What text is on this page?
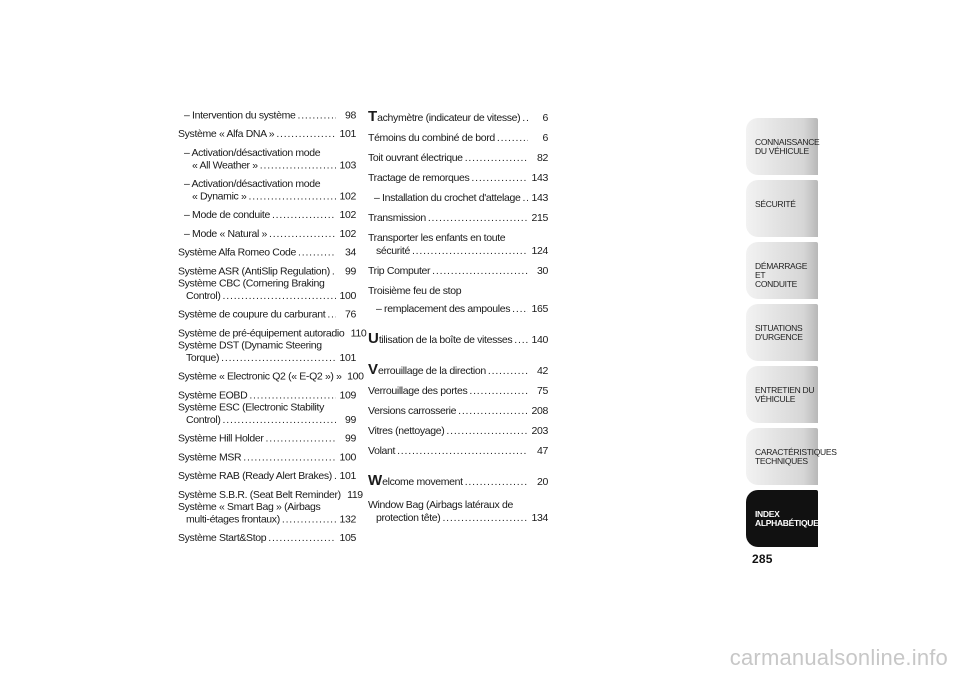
– Intervention du système .....	98
Système « Alfa DNA » .....	101
– Activation/désactivation mode
« All Weather » .....	103
– Activation/désactivation mode
« Dynamic » .....	102
– Mode de conduite .....	102
– Mode « Natural » .....	102
Système Alfa Romeo Code .....	34
Système ASR (AntiSlip Regulation) .....	99
Système CBC (Cornering Braking
Control) .....	100
Système de coupure du carburant .....	76
Système de pré-équipement autoradio 110
Système DST (Dynamic Steering
Torque) .....	101
Système « Electronic Q2 (« E-Q2 ») » 100
Système EOBD .....	109
Système ESC (Electronic Stability
Control) .....	99
Système Hill Holder .....	99
Système MSR .....	100
Système RAB (Ready Alert Brakes) ..... 101
Système S.B.R. (Seat Belt Reminder) 119
Système « Smart Bag » (Airbags
multi-étages frontaux) .....	132
Système Start&Stop .....	105
Tachymètre (indicateur de vitesse) .....	6
Témoins du combiné de bord .....	6
Toit ouvrant électrique .....	82
Tractage de remorques .....	143
– Installation du crochet d'attelage ..... 143
Transmission .....	215
Transporter les enfants en toute
sécurité .....	124
Trip Computer .....	30
Troisième feu de stop
– remplacement des ampoules ..... 165
Utilisation de la boîte de vitesses ..... 140
Verrouillage de la direction .....	42
Verrouillage des portes .....	75
Versions carrosserie .....	208
Vitres (nettoyage) .....	203
Volant .....	47
Welcome movement .....	20
Window Bag (Airbags latéraux de
protection tête) .....	134
CONNAISSANCE
DU VÉHICULE
SÉCURITÉ
DÉMARRAGE ET
CONDUITE
SITUATIONS
D'URGENCE
ENTRETIEN DU
VÉHICULE
CARACTÉRISTIQUES
TECHNIQUES
INDEX
ALPHABÉTIQUE
285
carmanualsonline.info
